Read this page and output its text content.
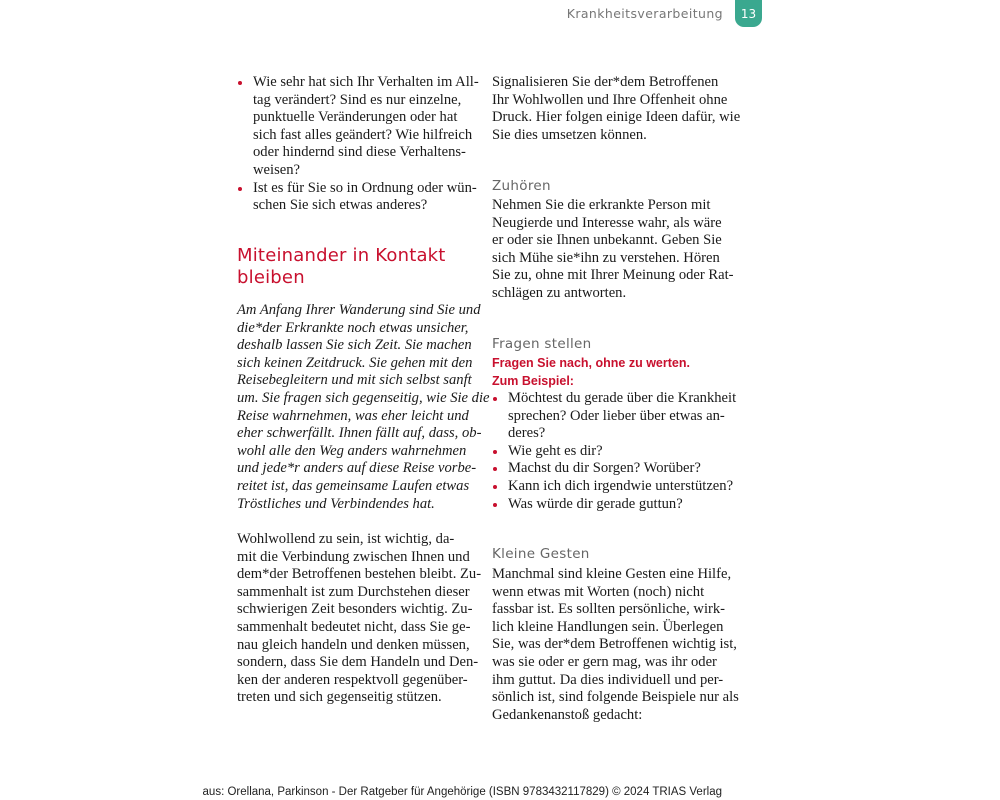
Krankheitsverarbeitung	13
Wie sehr hat sich Ihr Verhalten im All-
tag verändert? Sind es nur einzelne,
punktuelle Veränderungen oder hat
sich fast alles geändert? Wie hilfreich
oder hindernd sind diese Verhaltens-
weisen?
Ist es für Sie so in Ordnung oder wün-
schen Sie sich etwas anderes?
Miteinander in Kontakt
bleiben
Am Anfang Ihrer Wanderung sind Sie und
die*der Erkrankte noch etwas unsicher,
deshalb lassen Sie sich Zeit. Sie machen
sich keinen Zeitdruck. Sie gehen mit den
Reisebegleitern und mit sich selbst sanft
um. Sie fragen sich gegenseitig, wie Sie die
Reise wahrnehmen, was eher leicht und
eher schwerfällt. Ihnen fällt auf, dass, ob-
wohl alle den Weg anders wahrnehmen
und jede*r anders auf diese Reise vorbe-
reitet ist, das gemeinsame Laufen etwas
Tröstliches und Verbindendes hat.
Wohlwollend zu sein, ist wichtig, da-
mit die Verbindung zwischen Ihnen und
dem*der Betroffenen bestehen bleibt. Zu-
sammenhalt ist zum Durchstehen dieser
schwierigen Zeit besonders wichtig. Zu-
sammenhalt bedeutet nicht, dass Sie ge-
nau gleich handeln und denken müssen,
sondern, dass Sie dem Handeln und Den-
ken der anderen respektvoll gegenüber-
treten und sich gegenseitig stützen.
Signalisieren Sie der*dem Betroffenen
Ihr Wohlwollen und Ihre Offenheit ohne
Druck. Hier folgen einige Ideen dafür, wie
Sie dies umsetzen können.
Zuhören
Nehmen Sie die erkrankte Person mit
Neugierde und Interesse wahr, als wäre
er oder sie Ihnen unbekannt. Geben Sie
sich Mühe sie*ihn zu verstehen. Hören
Sie zu, ohne mit Ihrer Meinung oder Rat-
schlägen zu antworten.
Fragen stellen
Fragen Sie nach, ohne zu werten.
Zum Beispiel:
Möchtest du gerade über die Krankheit
sprechen? Oder lieber über etwas an-
deres?
Wie geht es dir?
Machst du dir Sorgen? Worüber?
Kann ich dich irgendwie unterstützen?
Was würde dir gerade guttun?
Kleine Gesten
Manchmal sind kleine Gesten eine Hilfe,
wenn etwas mit Worten (noch) nicht
fassbar ist. Es sollten persönliche, wirk-
lich kleine Handlungen sein. Überlegen
Sie, was der*dem Betroffenen wichtig ist,
was sie oder er gern mag, was ihr oder
ihm guttut. Da dies individuell und per-
sönlich ist, sind folgende Beispiele nur als
Gedankenanstoß gedacht:
aus: Orellana, Parkinson - Der Ratgeber für Angehörige (ISBN 9783432117829) © 2024 TRIAS Verlag
